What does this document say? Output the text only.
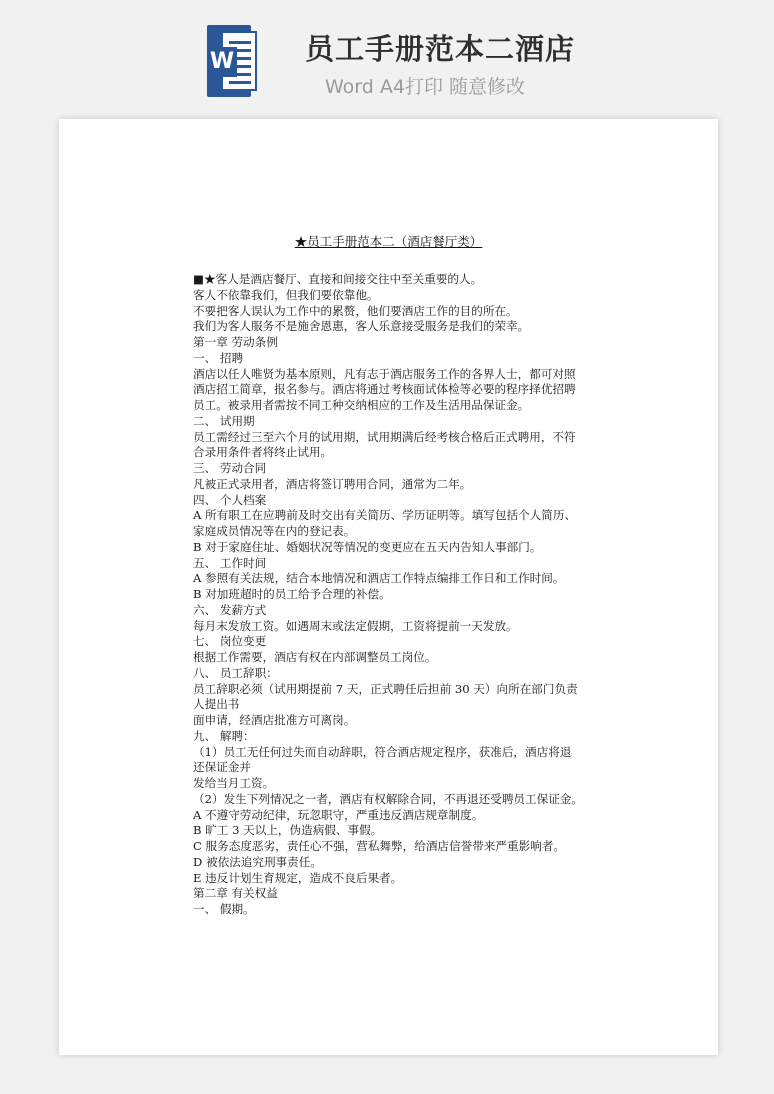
W 员工手册范本二酒店
Word A4打印 随意修改
★员工手册范本二（酒店餐厅类）
■★客人是酒店餐厅、直接和间接交往中至关重要的人。
客人不依靠我们，但我们要依靠他。
不要把客人误认为工作中的累赘，他们要酒店工作的目的所在。
我们为客人服务不是施舍恩惠，客人乐意接受服务是我们的荣幸。
第一章 劳动条例
一、 招聘
酒店以任人唯贤为基本原则，凡有志于酒店服务工作的各界人士，都可对照
酒店招工简章，报名参与。酒店将通过考核面试体检等必要的程序择优招聘
员工。被录用者需按不同工种交纳相应的工作及生活用品保证金。
二、 试用期
员工需经过三至六个月的试用期，试用期满后经考核合格后正式聘用，不符
合录用条件者将终止试用。
三、 劳动合同
凡被正式录用者，酒店将签订聘用合同，通常为二年。
四、 个人档案
A 所有职工在应聘前及时交出有关简历、学历证明等。填写包括个人简历、
家庭成员情况等在内的登记表。
B 对于家庭住址、婚姻状况等情况的变更应在五天内告知人事部门。
五、 工作时间
A 参照有关法规，结合本地情况和酒店工作特点编排工作日和工作时间。
B 对加班超时的员工给予合理的补偿。
六、 发薪方式
每月末发放工资。如遇周末或法定假期，工资将提前一天发放。
七、 岗位变更
根据工作需要，酒店有权在内部调整员工岗位。
八、 员工辞职：
员工辞职必须（试用期提前 7 天，正式聘任后担前 30 天）向所在部门负责
人提出书
面申请，经酒店批准方可离岗。
九、 解聘：
（1）员工无任何过失而自动辞职，符合酒店规定程序，获准后，酒店将退
还保证金并
发给当月工资。
（2）发生下列情况之一者，酒店有权解除合同，不再退还受聘员工保证金。
A 不遵守劳动纪律，玩忽职守，严重违反酒店规章制度。
B 旷工 3 天以上，伪造病假、事假。
C 服务态度恶劣，责任心不强，营私舞弊，给酒店信誉带来严重影响者。
D 被依法追究刑事责任。
E 违反计划生育规定，造成不良后果者。
第二章 有关权益
一、 假期。
